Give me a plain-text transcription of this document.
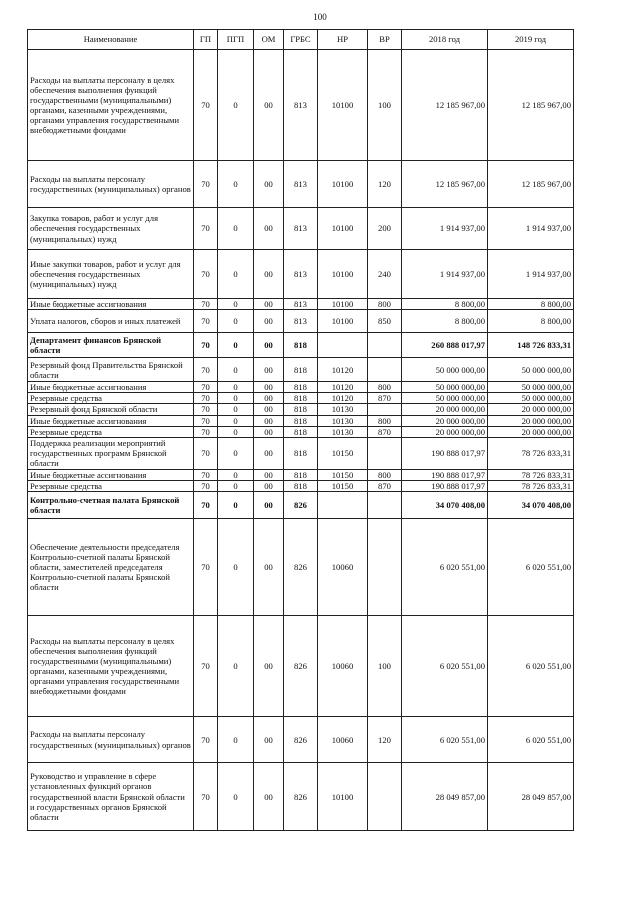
100
Наименование	ГП	ПГП	ОМ	ГРБС	НР	ВР	2018 год	2019 год
Расходы на выплаты персоналу в целях обеспечения выполнения функций государственными (муниципальными) органами, казенными учреждениями, органами управления государственными внебюджетными фондами	70	0	00	813	10100	100	12 185 967,00	12 185 967,00
Расходы на выплаты персоналу государственных (муниципальных) органов	70	0	00	813	10100	120	12 185 967,00	12 185 967,00
Закупка товаров, работ и услуг для обеспечения государственных (муниципальных) нужд	70	0	00	813	10100	200	1 914 937,00	1 914 937,00
Иные закупки товаров, работ и услуг для обеспечения государственных (муниципальных) нужд	70	0	00	813	10100	240	1 914 937,00	1 914 937,00
Иные бюджетные ассигнования	70	0	00	813	10100	800	8 800,00	8 800,00
Уплата налогов, сборов и иных платежей	70	0	00	813	10100	850	8 800,00	8 800,00
Департамент финансов Брянской области	70	0	00	818			260 888 017,97	148 726 833,31
Резервный фонд Правительства Брянской области	70	0	00	818	10120		50 000 000,00	50 000 000,00
Иные бюджетные ассигнования	70	0	00	818	10120	800	50 000 000,00	50 000 000,00
Резервные средства	70	0	00	818	10120	870	50 000 000,00	50 000 000,00
Резервный фонд Брянской области	70	0	00	818	10130		20 000 000,00	20 000 000,00
Иные бюджетные ассигнования	70	0	00	818	10130	800	20 000 000,00	20 000 000,00
Резервные средства	70	0	00	818	10130	870	20 000 000,00	20 000 000,00
Поддержка реализации мероприятий государственных программ Брянской области	70	0	00	818	10150		190 888 017,97	78 726 833,31
Иные бюджетные ассигнования	70	0	00	818	10150	800	190 888 017,97	78 726 833,31
Резервные средства	70	0	00	818	10150	870	190 888 017,97	78 726 833,31
Контрольно-счетная палата Брянской области	70	0	00	826			34 070 408,00	34 070 408,00
Обеспечение деятельности председателя Контрольно-счетной палаты Брянской области, заместителей председателя Контрольно-счетной палаты Брянской области	70	0	00	826	10060		6 020 551,00	6 020 551,00
Расходы на выплаты персоналу в целях обеспечения выполнения функций государственными (муниципальными) органами, казенными учреждениями, органами управления государственными внебюджетными фондами	70	0	00	826	10060	100	6 020 551,00	6 020 551,00
Расходы на выплаты персоналу государственных (муниципальных) органов	70	0	00	826	10060	120	6 020 551,00	6 020 551,00
Руководство и управление в сфере установленных функций органов государственной власти Брянской области и государственных органов Брянской области	70	0	00	826	10100		28 049 857,00	28 049 857,00
